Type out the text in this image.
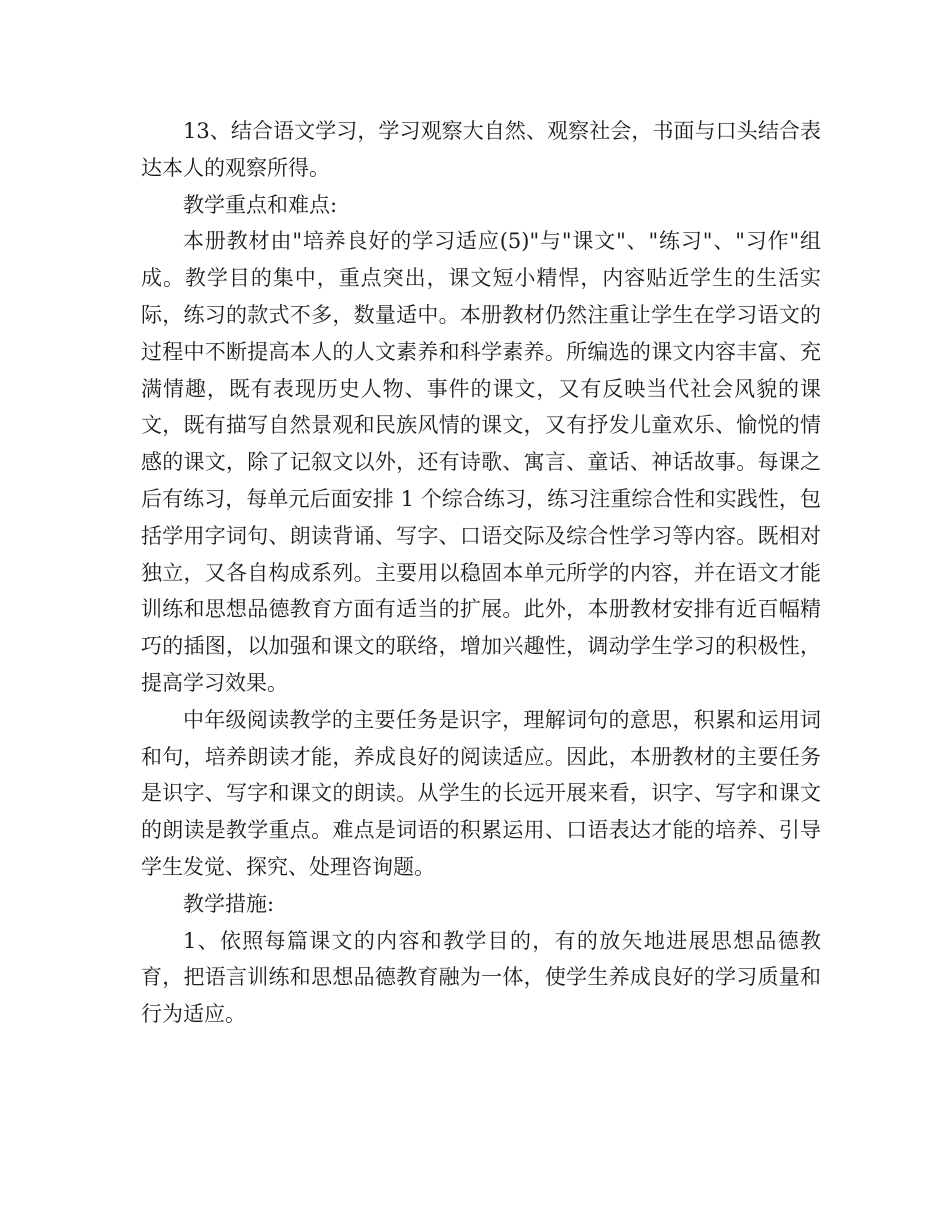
13、结合语文学习，学习观察大自然、观察社会，书面与口头结合表达本人的观察所得。

教学重点和难点:

本册教材由"培养良好的学习适应(5)"与"课文"、"练习"、"习作"组成。教学目的集中，重点突出，课文短小精悍，内容贴近学生的生活实际，练习的款式不多，数量适中。本册教材仍然注重让学生在学习语文的过程中不断提高本人的人文素养和科学素养。所编选的课文内容丰富、充满情趣，既有表现历史人物、事件的课文，又有反映当代社会风貌的课文，既有描写自然景观和民族风情的课文，又有抒发儿童欢乐、愉悦的情感的课文，除了记叙文以外，还有诗歌、寓言、童话、神话故事。每课之后有练习，每单元后面安排 1 个综合练习，练习注重综合性和实践性，包括学用字词句、朗读背诵、写字、口语交际及综合性学习等内容。既相对独立，又各自构成系列。主要用以稳固本单元所学的内容，并在语文才能训练和思想品德教育方面有适当的扩展。此外，本册教材安排有近百幅精巧的插图，以加强和课文的联络，增加兴趣性，调动学生学习的积极性，提高学习效果。

中年级阅读教学的主要任务是识字，理解词句的意思，积累和运用词和句，培养朗读才能，养成良好的阅读适应。因此，本册教材的主要任务是识字、写字和课文的朗读。从学生的长远开展来看，识字、写字和课文的朗读是教学重点。难点是词语的积累运用、口语表达才能的培养、引导学生发觉、探究、处理咨询题。

教学措施:

1、依照每篇课文的内容和教学目的，有的放矢地进展思想品德教育，把语言训练和思想品德教育融为一体，使学生养成良好的学习质量和行为适应。
